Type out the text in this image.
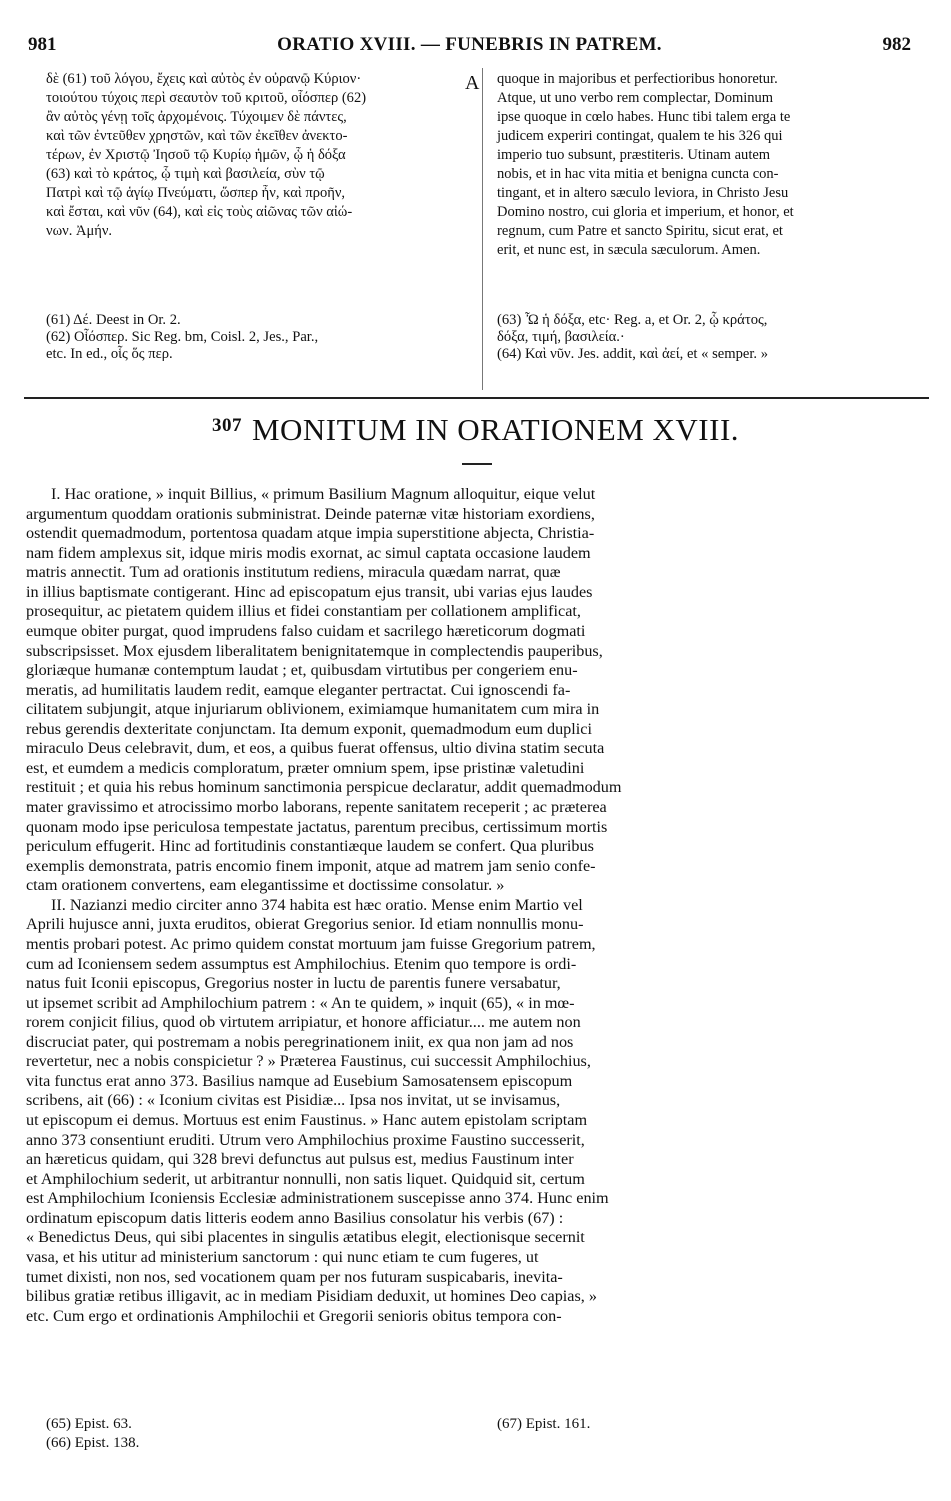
981	ORATIO XVIII. — FUNEBRIS IN PATREM.	982
δὲ (61) τοῦ λόγου, ἔχεις καὶ αὐτὸς ἐν οὐρανῷ Κύριον·
τοιούτου τύχοις περὶ σεαυτὸν τοῦ κριτοῦ, οἷόσπερ (62)
ἂν αὐτὸς γένῃ τοῖς ἀρχομένοις. Τύχοιμεν δὲ πάντες,
καὶ τῶν ἐντεῦθεν χρηστῶν, καὶ τῶν ἐκεῖθεν ἀνεκτο-
τέρων, ἐν Χριστῷ Ἰησοῦ τῷ Κυρίῳ ἡμῶν, ᾧ ἡ δόξα
(63) καὶ τὸ κράτος, ᾧ τιμὴ καὶ βασιλεία, σὺν τῷ
Πατρὶ καὶ τῷ ἁγίῳ Πνεύματι, ὥσπερ ἦν, καὶ προῆν,
καὶ ἔσται, καὶ νῦν (64), καὶ εἰς τοὺς αἰῶνας τῶν αἰώ-
νων. Ἀμήν.
A quoque in majoribus et perfectioribus honoretur.
Atque, ut uno verbo rem complectar, Dominum
ipse quoque in cœlo habes. Hunc tibi talem erga te
judicem experiri contingat, qualem te his 326 qui
imperio tuo subsunt, præstiteris. Utinam autem
nobis, et in hac vita mitia et benigna cuncta con-
tingant, et in altero sæculo leviora, in Christo Jesu
Domino nostro, cui gloria et imperium, et honor, et
regnum, cum Patre et sancto Spiritu, sicut erat, et
erit, et nunc est, in sæcula sæculorum. Amen.
(61) Δέ. Deest in Or. 2.
(62) Οἷόσπερ. Sic Reg. bm, Coisl. 2, Jes., Par.,
etc. In ed., οἷς ὅς περ.
(63) Ὦ ἡ δόξα, etc· Reg. a, et Or. 2, ᾧ κράτος,
δόξα, τιμή, βασιλεία.·
(64) Καὶ νῦν. Jes. addit, καὶ ἀεί, et « semper. »
$^{307}$ MONITUM IN ORATIONEM XVIII.
I. Hac oratione, » inquit Billius, « primum Basilium Magnum alloquitur, eique velut
argumentum quoddam orationis subministrat. Deinde paternæ vitæ historiam exordiens,
ostendit quemadmodum, portentosa quadam atque impia superstitione abjecta, Christia-
nam fidem amplexus sit, idque miris modis exornat, ac simul captata occasione laudem
matris annectit. Tum ad orationis institutum rediens, miracula quædam narrat, quæ
in illius baptismate contigerant. Hinc ad episcopatum ejus transit, ubi varias ejus laudes
prosequitur, ac pietatem quidem illius et fidei constantiam per collationem amplificat,
eumque obiter purgat, quod imprudens falso cuidam et sacrilego hæreticorum dogmati
subscripsisset. Mox ejusdem liberalitatem benignitatemque in complectendis pauperibus,
gloriæque humanæ contemptum laudat ; et, quibusdam virtutibus per congeriem enu-
meratis, ad humilitatis laudem redit, eamque eleganter pertractat. Cui ignoscendi fa-
cilitatem subjungit, atque injuriarum oblivionem, eximiamque humanitatem cum mira in
rebus gerendis dexteritate conjunctam. Ita demum exponit, quemadmodum eum duplici
miraculo Deus celebravit, dum, et eos, a quibus fuerat offensus, ultio divina statim secuta
est, et eumdem a medicis comploratum, præter omnium spem, ipse pristinæ valetudini
restituit ; et quia his rebus hominum sanctimonia perspicue declaratur, addit quemadmodum
mater gravissimo et atrocissimo morbo laborans, repente sanitatem receperit ; ac præterea
quonam modo ipse periculosa tempestate jactatus, parentum precibus, certissimum mortis
periculum effugerit. Hinc ad fortitudinis constantiæque laudem se confert. Qua pluribus
exemplis demonstrata, patris encomio finem imponit, atque ad matrem jam senio confe-
ctam orationem convertens, eam elegantissime et doctissime consolatur. »
II. Nazianzi medio circiter anno 374 habita est hæc oratio. Mense enim Martio vel
Aprili hujusce anni, juxta eruditos, obierat Gregorius senior. Id etiam nonnullis monu-
mentis probari potest. Ac primo quidem constat mortuum jam fuisse Gregorium patrem,
cum ad Iconiensem sedem assumptus est Amphilochius. Etenim quo tempore is ordi-
natus fuit Iconii episcopus, Gregorius noster in luctu de parentis funere versabatur,
ut ipsemet scribit ad Amphilochium patrem : « An te quidem, » inquit (65), « in mœ-
rorem conjicit filius, quod ob virtutem arripiatur, et honore afficiatur.... me autem non
discruciat pater, qui postremam a nobis peregrinationem iniit, ex qua non jam ad nos
revertetur, nec a nobis conspicietur ? » Præterea Faustinus, cui successit Amphilochius,
vita functus erat anno 373. Basilius namque ad Eusebium Samosatensem episcopum
scribens, ait (66) : « Iconium civitas est Pisidiæ... Ipsa nos invitat, ut se invisamus,
ut episcopum ei demus. Mortuus est enim Faustinus. » Hanc autem epistolam scriptam
anno 373 consentiunt eruditi. Utrum vero Amphilochius proxime Faustino successerit,
an hæreticus quidam, qui 328 brevi defunctus aut pulsus est, medius Faustinum inter
et Amphilochium sederit, ut arbitrantur nonnulli, non satis liquet. Quidquid sit, certum
est Amphilochium Iconiensis Ecclesiæ administrationem suscepisse anno 374. Hunc enim
ordinatum episcopum datis litteris eodem anno Basilius consolatur his verbis (67) :
« Benedictus Deus, qui sibi placentes in singulis ætatibus elegit, electionisque secernit
vasa, et his utitur ad ministerium sanctorum : qui nunc etiam te cum fugeres, ut
tumet dixisti, non nos, sed vocationem quam per nos futuram suspicabaris, inevita-
bilibus gratiæ retibus illigavit, ac in mediam Pisidiam deduxit, ut homines Deo capias, »
etc. Cum ergo et ordinationis Amphilochii et Gregorii senioris obitus tempora con-
(65) Epist. 63.
(66) Epist. 138.
(67) Epist. 161.
